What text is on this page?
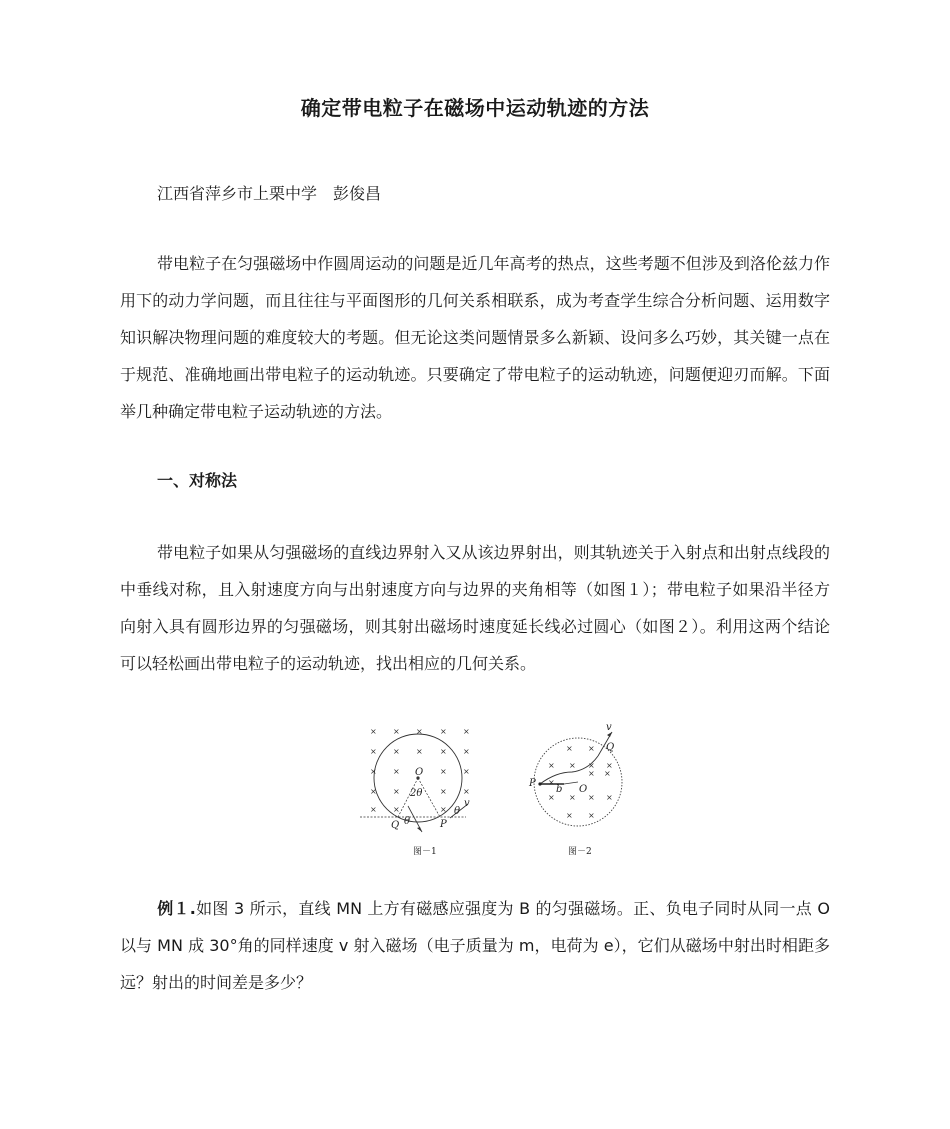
确定带电粒子在磁场中运动轨迹的方法
江西省萍乡市上栗中学　彭俊昌
带电粒子在匀强磁场中作圆周运动的问题是近几年高考的热点，这些考题不但涉及到洛伦兹力作用下的动力学问题，而且往往与平面图形的几何关系相联系，成为考查学生综合分析问题、运用数字知识解决物理问题的难度较大的考题。但无论这类问题情景多么新颖、设问多么巧妙，其关键一点在于规范、准确地画出带电粒子的运动轨迹。只要确定了带电粒子的运动轨迹，问题便迎刃而解。下面举几种确定带电粒子运动轨迹的方法。
一、对称法
带电粒子如果从匀强磁场的直线边界射入又从该边界射出，则其轨迹关于入射点和出射点线段的中垂线对称，且入射速度方向与出射速度方向与边界的夹角相等（如图１）；带电粒子如果沿半径方向射入具有圆形边界的匀强磁场，则其射出磁场时速度延长线必过圆心（如图２）。利用这两个结论可以轻松画出带电粒子的运动轨迹，找出相应的几何关系。
× × × × ×
× × × × ×
× ×	× ×
× ×	× ×
× ×	×
O
2θ
Q θ	P
θ
v
图－1
× ×
× × × ×
×
× ×
× × × ×
× ×
P
Q
O
v
b
图－2
例１.如图 3 所示，直线 MN 上方有磁感应强度为 B 的匀强磁场。正、负电子同时从同一点 O 以与 MN 成 30°角的同样速度 v 射入磁场（电子质量为 m，电荷为 e），它们从磁场中射出时相距多远？射出的时间差是多少？
